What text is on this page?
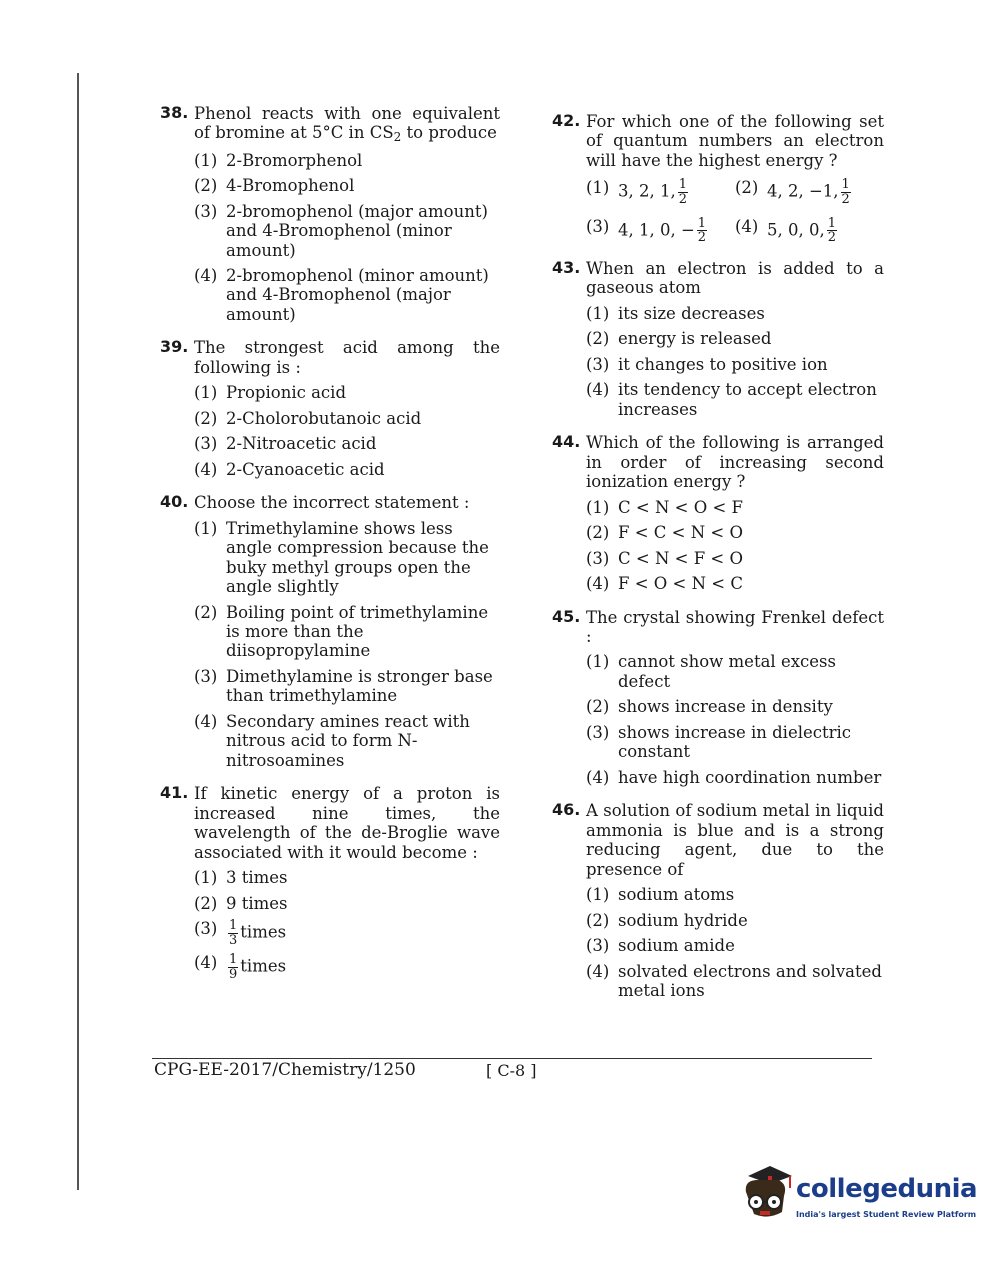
38. Phenol reacts with one equivalent of bromine at 5°C in $CS_2$ to produce
(1) 2-Bromorphenol
(2) 4-Bromophenol
(3) 2-bromophenol (major amount) and 4-Bromophenol (minor amount)
(4) 2-bromophenol (minor amount) and 4-Bromophenol (major amount)
39. The strongest acid among the following is :
(1) Propionic acid
(2) 2-Cholorobutanoic acid
(3) 2-Nitroacetic acid
(4) 2-Cyanoacetic acid
40. Choose the incorrect statement :
(1) Trimethylamine shows less angle compression because the buky methyl groups open the angle slightly
(2) Boiling point of trimethylamine is more than the diisopropylamine
(3) Dimethylamine is stronger base than trimethylamine
(4) Secondary amines react with nitrous acid to form N-nitrosoamines
41. If kinetic energy of a proton is increased nine times, the wavelength of the de-Broglie wave associated with it would become :
(1) 3 times
(2) 9 times
$(3) \frac{1}{3}$ times
$(4) \frac{1}{9}$ times
42. For which one of the following set of quantum numbers an electron will have the highest energy ?
(1) 3, 2, 1, $\frac{1}{2}$	(2) 4, 2, −1, $\frac{1}{2}$
(3) 4, 1, 0, − $\frac{1}{2} (4)$ 5, 0, 0, $\frac{1}{2}$
43. When an electron is added to a gaseous atom
(1) its size decreases
(2) energy is released
(3) it changes to positive ion
(4) its tendency to accept electron increases
44. Which of the following is arranged in order of increasing second ionization energy ?
(1) C < N < O < F
(2) F < C < N < O
(3) C < N < F < O
(4) F < O < N < C
45. The crystal showing Frenkel defect :
(1) cannot show metal excess defect
(2) shows increase in density
(3) shows increase in dielectric constant
(4) have high coordination number
46. A solution of sodium metal in liquid ammonia is blue and is a strong reducing agent, due to the presence of
(1) sodium atoms
(2) sodium hydride
(3) sodium amide
(4) solvated electrons and solvated metal ions
CPG-EE-2017/Chemistry/1250	[ C-8 ]
collegedunia
India's largest Student Review Platform
